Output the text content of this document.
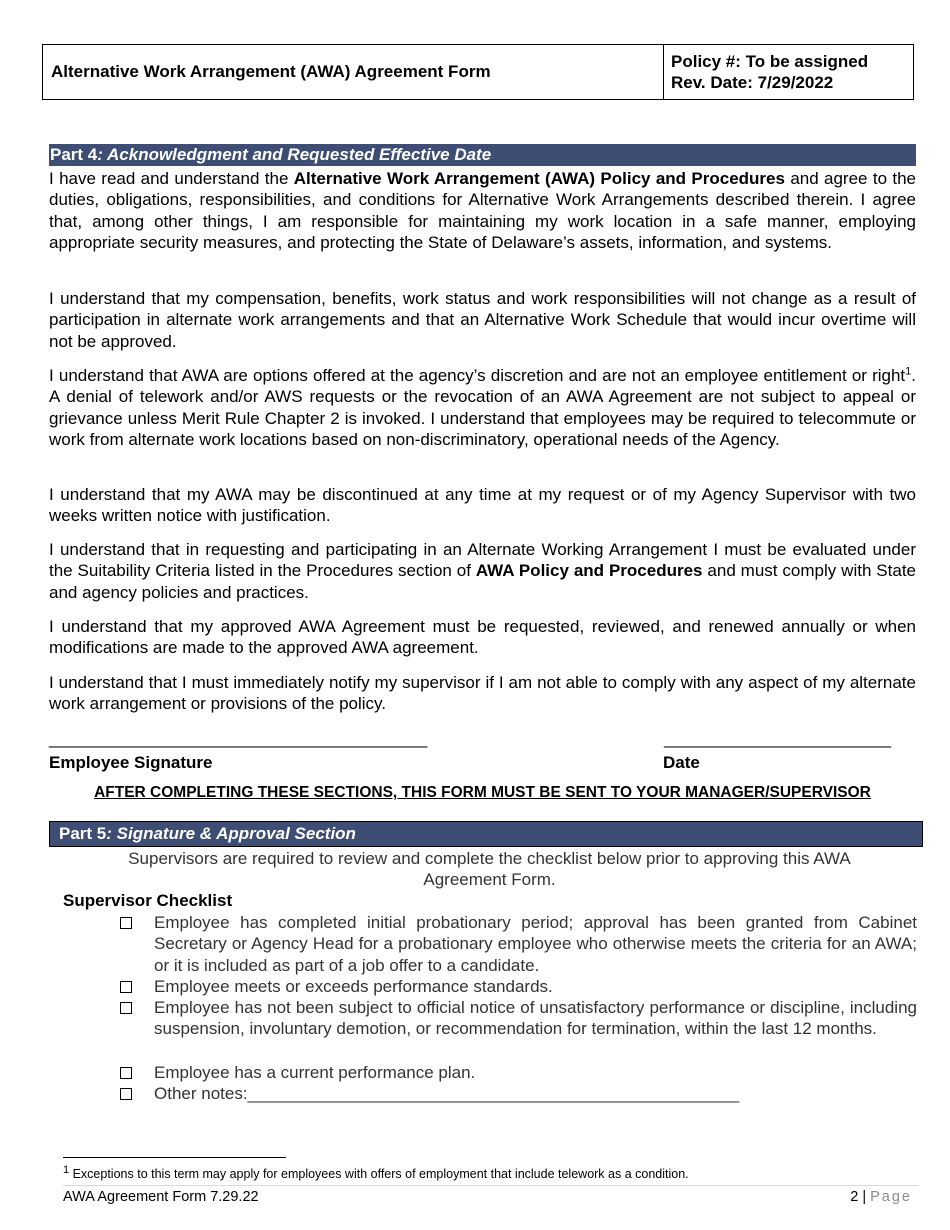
Alternative Work Arrangement (AWA) Agreement Form
Policy #: To be assigned
Rev. Date: 7/29/2022
Part 4: Acknowledgment and Requested Effective Date
I have read and understand the Alternative Work Arrangement (AWA) Policy and Procedures and agree to the duties, obligations, responsibilities, and conditions for Alternative Work Arrangements described therein. I agree that, among other things, I am responsible for maintaining my work location in a safe manner, employing appropriate security measures, and protecting the State of Delaware’s assets, information, and systems.
I understand that my compensation, benefits, work status and work responsibilities will not change as a result of participation in alternate work arrangements and that an Alternative Work Schedule that would incur overtime will not be approved.
I understand that AWA are options offered at the agency’s discretion and are not an employee entitlement or right$^1$. A denial of telework and/or AWS requests or the revocation of an AWA Agreement are not subject to appeal or grievance unless Merit Rule Chapter 2 is invoked. I understand that employees may be required to telecommute or work from alternate work locations based on non-discriminatory, operational needs of the Agency.
I understand that my AWA may be discontinued at any time at my request or of my Agency Supervisor with two weeks written notice with justification.
I understand that in requesting and participating in an Alternate Working Arrangement I must be evaluated under the Suitability Criteria listed in the Procedures section of AWA Policy and Procedures and must comply with State and agency policies and practices.
I understand that my approved AWA Agreement must be requested, reviewed, and renewed annually or when modifications are made to the approved AWA agreement.
I understand that I must immediately notify my supervisor if I am not able to comply with any aspect of my alternate work arrangement or provisions of the policy.
________________________________________	________________________
Employee Signature	Date
AFTER COMPLETING THESE SECTIONS, THIS FORM MUST BE SENT TO YOUR MANAGER/SUPERVISOR
Part 5: Signature & Approval Section
Supervisors are required to review and complete the checklist below prior to approving this AWA Agreement Form.
Supervisor Checklist
Employee has completed initial probationary period; approval has been granted from Cabinet Secretary or Agency Head for a probationary employee who otherwise meets the criteria for an AWA; or it is included as part of a job offer to a candidate.
Employee meets or exceeds performance standards.
Employee has not been subject to official notice of unsatisfactory performance or discipline, including suspension, involuntary demotion, or recommendation for termination, within the last 12 months.
Employee has a current performance plan.
Other notes:____________________________________________________
$^1$ Exceptions to this term may apply for employees with offers of employment that include telework as a condition.
AWA Agreement Form 7.29.22	2 | Page
